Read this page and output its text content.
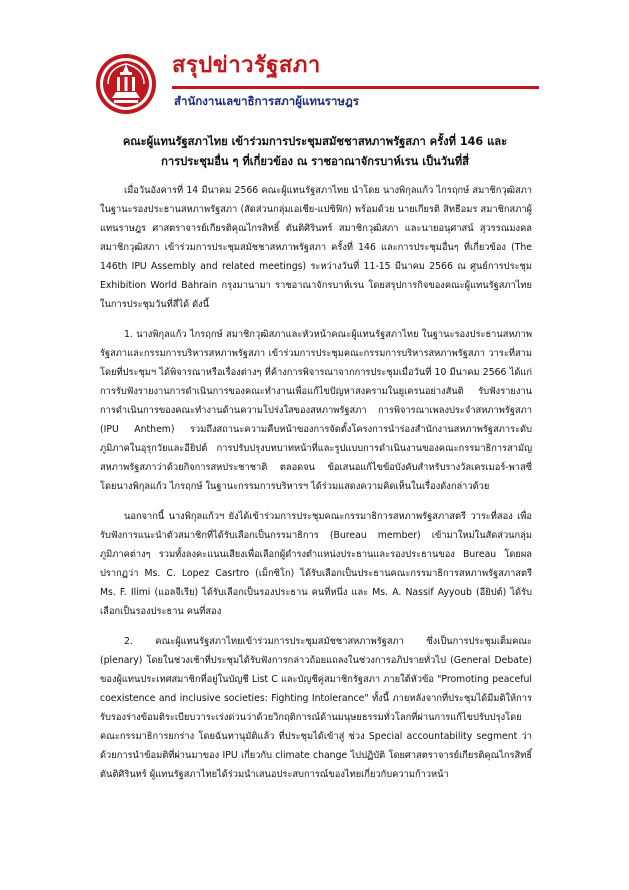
สรุปข่าวรัฐสภา
สำนักงานเลขาธิการสภาผู้แทนราษฎร
คณะผู้แทนรัฐสภาไทย เข้าร่วมการประชุมสมัชชาสหภาพรัฐสภา ครั้งที่ 146 และ
การประชุมอื่น ๆ ที่เกี่ยวข้อง ณ ราชอาณาจักรบาห์เรน เป็นวันที่สี่

เมื่อวันอังคารที่ 14 มีนาคม 2566 คณะผู้แทนรัฐสภาไทย นำโดย นางพิกุลแก้ว ไกรฤกษ์ สมาชิกวุฒิสภา ในฐานะรองประธานสหภาพรัฐสภา (สัดส่วนกลุ่มเอเชีย-แปซิฟิก) พร้อมด้วย นายเกียรติ สิทธีอมร สมาชิกสภาผู้แทนราษฎร ศาสตราจารย์เกียรติคุณไกรสิทธิ์ ตันติศิรินทร์ สมาชิกวุฒิสภา และนายอนุศาสน์ สุวรรณมงคล สมาชิกวุฒิสภา เข้าร่วมการประชุมสมัชชาสหภาพรัฐสภา ครั้งที่ 146 และการประชุมอื่นๆ ที่เกี่ยวข้อง (The 146th IPU Assembly and related meetings) ระหว่างวันที่ 11-15 มีนาคม 2566 ณ ศูนย์การประชุม Exhibition World Bahrain กรุงมานามา ราชอาณาจักรบาห์เรน โดยสรุปการกิจของคณะผู้แทนรัฐสภาไทยในการประชุมวันที่สี่ได้ ดังนี้

1. นางพิกุลแก้ว ไกรฤกษ์ สมาชิกวุฒิสภาและหัวหน้าคณะผู้แทนรัฐสภาไทย ในฐานะรองประธานสหภาพรัฐสภาและกรรมการบริหารสหภาพรัฐสภา เข้าร่วมการประชุมคณะกรรมการบริหารสหภาพรัฐสภา วาระที่สาม โดยที่ประชุมฯ ได้พิจารณาหรือเรื่องต่างๆ ที่ค้างการพิจารณาจากการประชุมเมื่อวันที่ 10 มีนาคม 2566 ได้แก่ การรับฟังรายงานการดำเนินการของคณะทำงานเพื่อแก้ไขปัญหาสงครามในยูเครนอย่างสันติ รับฟังรายงานการดำเนินการของคณะทำงานด้านความโปร่งใสของสหภาพรัฐสภา การพิจารณาเพลงประจำสหภาพรัฐสภา (IPU Anthem) รวมถึงสถานะความคืบหน้าของการจัดตั้งโครงการนำร่องสำนักงานสหภาพรัฐสภาระดับภูมิภาคในอุรุกวัยและอียิปต์ การปรับปรุงบทบาทหน้าที่และรูปแบบการดำเนินงานของคณะกรรมาธิการสามัญสหภาพรัฐสภาว่าด้วยกิจการสหประชาชาติ ตลอดจน ข้อเสนอแก้ไขข้อบังคับสำหรับรางวัลเครเมอร์-พาสซี่ โดยนางพิกุลแก้ว ไกรฤกษ์ ในฐานะกรรมการบริหารฯ ได้ร่วมแสดงความคิดเห็นในเรื่องดังกล่าวด้วย

นอกจากนี้ นางพิกุลแก้วฯ ยังได้เข้าร่วมการประชุมคณะกรรมาธิการสหภาพรัฐสภาสตรี วาระที่สอง เพื่อรับฟังการแนะนำตัวสมาชิกที่ได้รับเลือกเป็นกรรมาธิการ (Bureau member) เข้ามาใหม่ในสัดส่วนกลุ่มภูมิภาคต่างๆ รวมทั้งลงคะแนนเสียงเพื่อเลือกผู้ดำรงตำแหน่งประธานและรองประธานของ Bureau โดยผลปรากฏว่า Ms. C. Lopez Casrtro (เม็กซิโก) ได้รับเลือกเป็นประธานคณะกรรมาธิการสหภาพรัฐสภาสตรี Ms. F. Ilimi (แอลจีเรีย) ได้รับเลือกเป็นรองประธาน คนที่หนึ่ง และ Ms. A. Nassif Ayyoub (อียิปต์) ได้รับเลือกเป็นรองประธาน คนที่สอง

2. คณะผู้แทนรัฐสภาไทยเข้าร่วมการประชุมสมัชชาสหภาพรัฐสภา ซึ่งเป็นการประชุมเต็มคณะ (plenary) โดยในช่วงเช้าที่ประชุมได้รับฟังการกล่าวถ้อยแถลงในช่วงการอภิปรายทั่วไป (General Debate) ของผู้แทนประเทศสมาชิกที่อยู่ในบัญชี List C และบัญชีคู่สมาชิกรัฐสภา ภายใต้หัวข้อ "Promoting peaceful coexistence and inclusive societies: Fighting Intolerance" ทั้งนี้ ภายหลังจากที่ประชุมได้มีมติให้การรับรองร่างข้อมติระเบียบวาระเร่งด่วนว่าด้วยวิกฤติการณ์ด้านมนุษยธรรมทั่วโลกที่ผ่านการแก้ไขปรับปรุงโดยคณะกรรมาธิการยกร่าง โดยฉันทานุมัติแล้ว ที่ประชุมได้เข้าสู่ ช่วง Special accountability segment ว่าด้วยการนำข้อมติที่ผ่านมาของ IPU เกี่ยวกับ climate change ไปปฏิบัติ โดยศาสตราจารย์เกียรติคุณไกรสิทธิ์ ตันติศิรินทร์ ผู้แทนรัฐสภาไทยได้ร่วมนำเสนอประสบการณ์ของไทยเกี่ยวกับความก้าวหน้า
